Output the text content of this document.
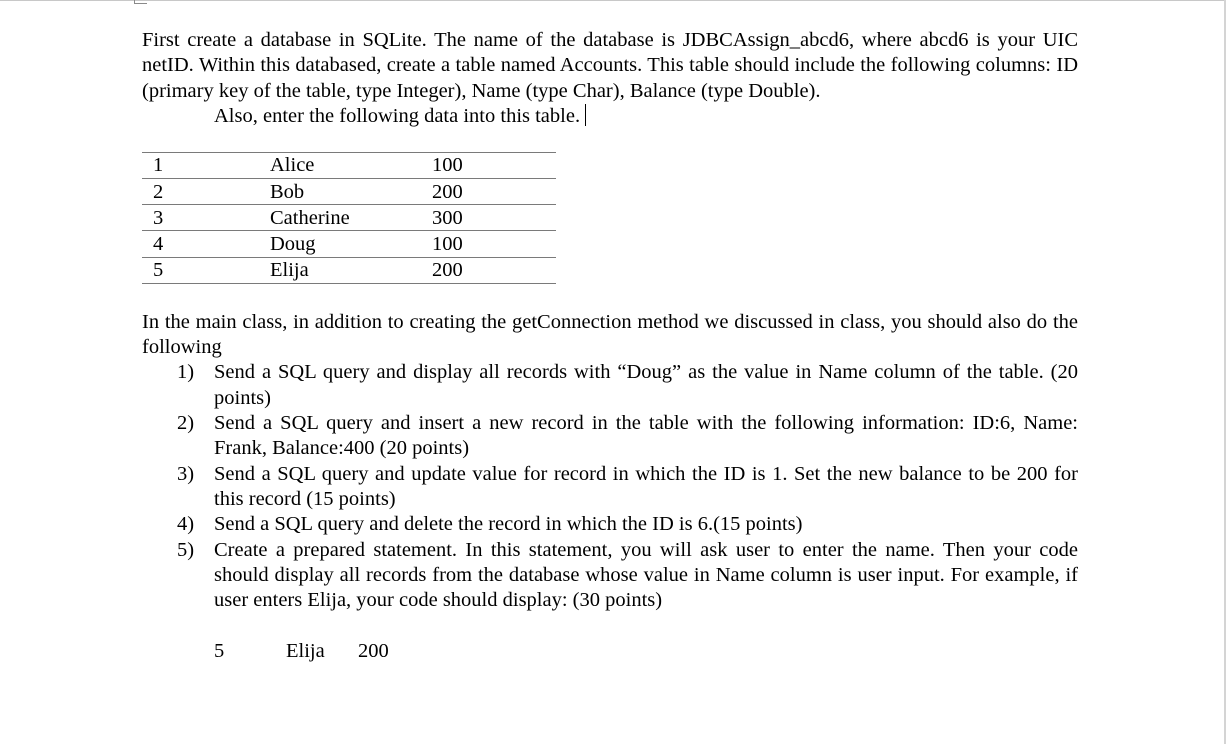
First create a database in SQLite. The name of the database is JDBCAssign_abcd6, where abcd6 is your UIC netID. Within this databased, create a table named Accounts. This table should include the following columns: ID (primary key of the table, type Integer), Name (type Char), Balance (type Double).

Also, enter the following data into this table.

1	Alice	100
2	Bob	200
3	Catherine	300
4	Doug	100
5	Elija	200

In the main class, in addition to creating the getConnection method we discussed in class, you should also do the following

1) Send a SQL query and display all records with “Doug” as the value in Name column of the table. (20 points)
2) Send a SQL query and insert a new record in the table with the following information: ID:6, Name: Frank, Balance:400 (20 points)
3) Send a SQL query and update value for record in which the ID is 1. Set the new balance to be 200 for this record (15 points)
4) Send a SQL query and delete the record in which the ID is 6.(15 points)
5) Create a prepared statement. In this statement, you will ask user to enter the name. Then your code should display all records from the database whose value in Name column is user input. For example, if user enters Elija, your code should display: (30 points)
5	Elija 200
